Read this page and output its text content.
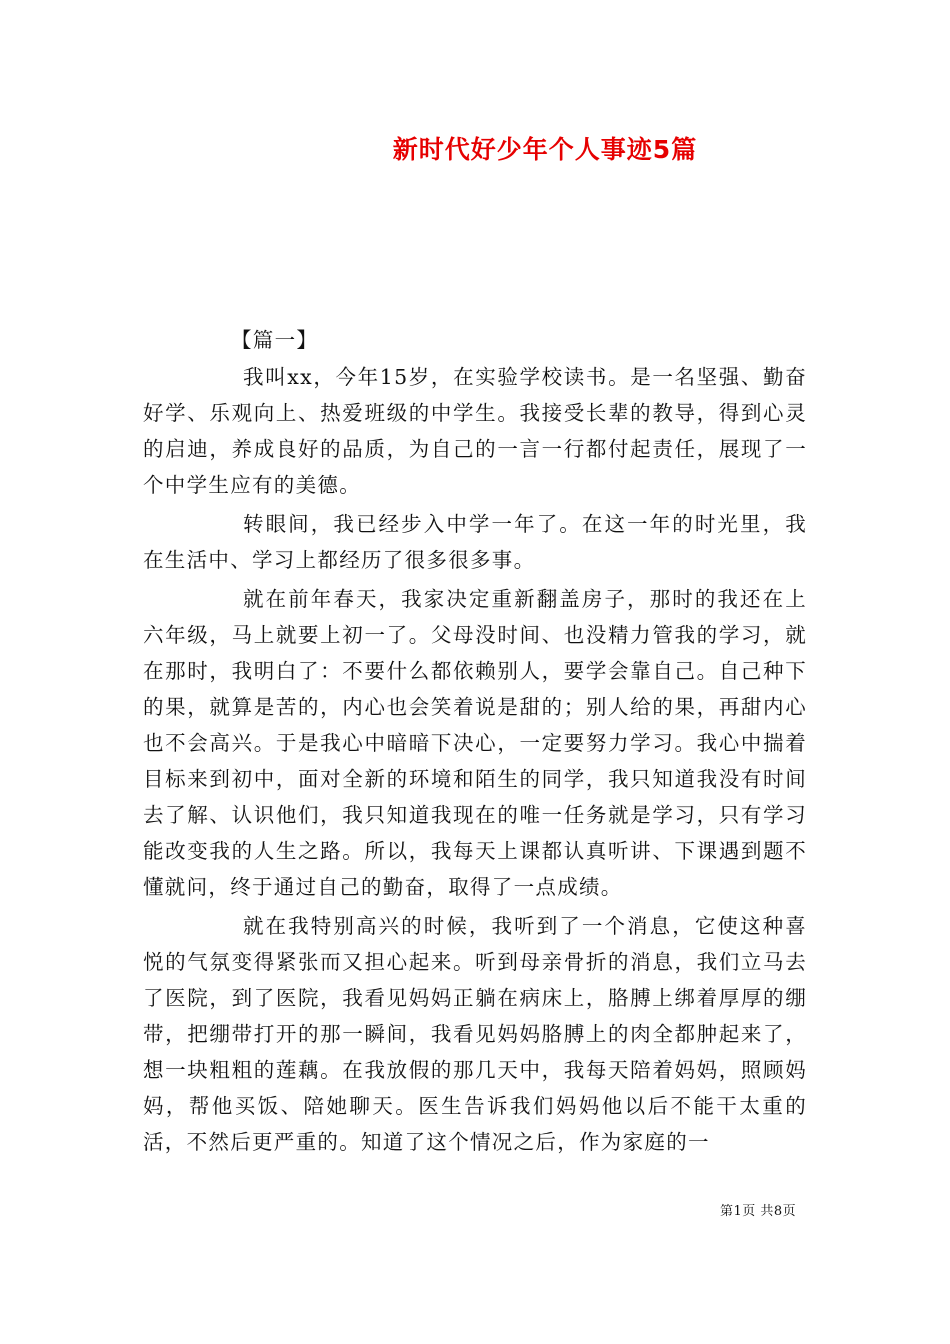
新时代好少年个人事迹5篇
【篇一】

我叫xx，今年15岁，在实验学校读书。是一名坚强、勤奋好学、乐观向上、热爱班级的中学生。我接受长辈的教导，得到心灵的启迪，养成良好的品质，为自己的一言一行都付起责任，展现了一个中学生应有的美德。

转眼间，我已经步入中学一年了。在这一年的时光里，我在生活中、学习上都经历了很多很多事。

就在前年春天，我家决定重新翻盖房子，那时的我还在上六年级，马上就要上初一了。父母没时间、也没精力管我的学习，就在那时，我明白了：不要什么都依赖别人，要学会靠自己。自己种下的果，就算是苦的，内心也会笑着说是甜的；别人给的果，再甜内心也不会高兴。于是我心中暗暗下决心，一定要努力学习。我心中揣着目标来到初中，面对全新的环境和陌生的同学，我只知道我没有时间去了解、认识他们，我只知道我现在的唯一任务就是学习，只有学习能改变我的人生之路。所以，我每天上课都认真听讲、下课遇到题不懂就问，终于通过自己的勤奋，取得了一点成绩。

就在我特别高兴的时候，我听到了一个消息，它使这种喜悦的气氛变得紧张而又担心起来。听到母亲骨折的消息，我们立马去了医院，到了医院，我看见妈妈正躺在病床上，胳膊上绑着厚厚的绷带，把绷带打开的那一瞬间，我看见妈妈胳膊上的肉全都肿起来了，想一块粗粗的莲藕。在我放假的那几天中，我每天陪着妈妈，照顾妈妈，帮他买饭、陪她聊天。医生告诉我们妈妈他以后不能干太重的活，不然后更严重的。知道了这个情况之后，作为家庭的一

第1页 共8页
